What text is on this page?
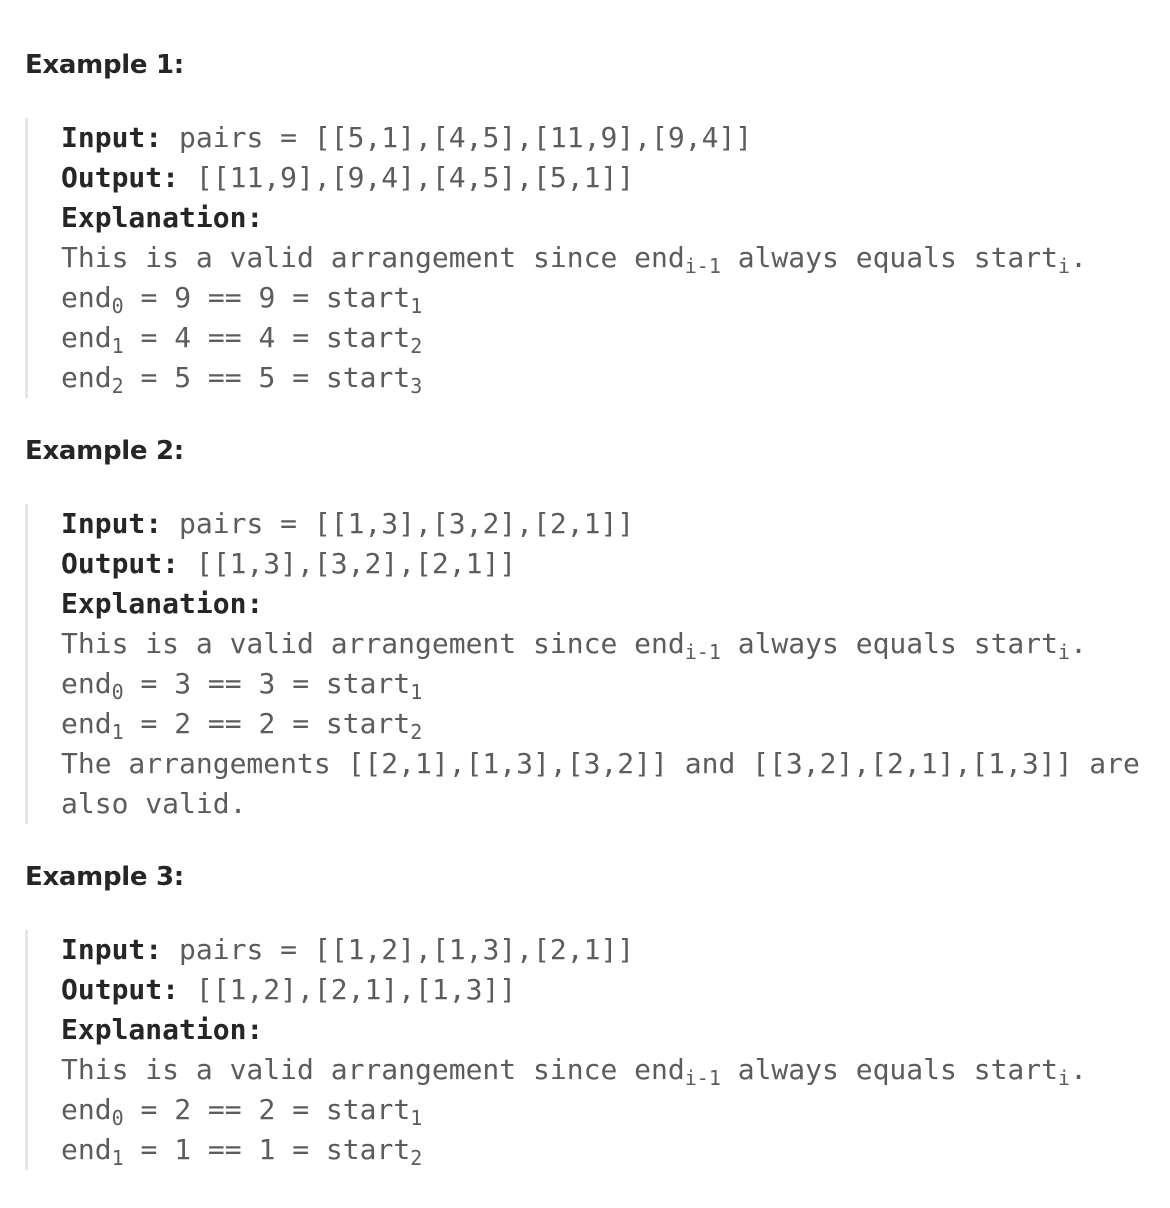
Example 1:
Input: pairs = [[5,1],[4,5],[11,9],[9,4]]
Output: [[11,9],[9,4],[4,5],[5,1]]
Explanation:
This is a valid arrangement since end$_{i-1}$ always equals start$_i$.
end$_0$ = 9 == 9 = start$_1$
end$_1$ = 4 == 4 = start$_2$
end$_2$ = 5 == 5 = start$_3$
Example 2:
Input: pairs = [[1,3],[3,2],[2,1]]
Output: [[1,3],[3,2],[2,1]]
Explanation:
This is a valid arrangement since end$_{i-1}$ always equals start$_i$.
end$_0$ = 3 == 3 = start$_1$
end$_1$ = 2 == 2 = start$_2$
The arrangements [[2,1],[1,3],[3,2]] and [[3,2],[2,1],[1,3]] are
also valid.
Example 3:
Input: pairs = [[1,2],[1,3],[2,1]]
Output: [[1,2],[2,1],[1,3]]
Explanation:
This is a valid arrangement since end$_{i-1}$ always equals start$_i$.
end$_0$ = 2 == 2 = start$_1$
end$_1$ = 1 == 1 = start$_2$
